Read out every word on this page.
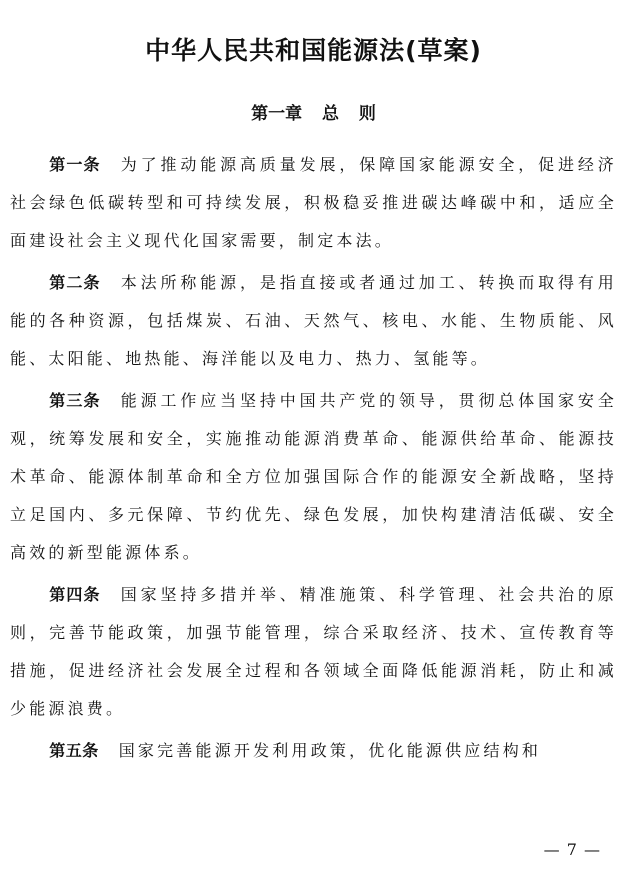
中华人民共和国能源法(草案)
第一章 总 则

第一条 为了推动能源高质量发展，保障国家能源安全，促进经济社会绿色低碳转型和可持续发展，积极稳妥推进碳达峰碳中和，适应全面建设社会主义现代化国家需要，制定本法。

第二条 本法所称能源，是指直接或者通过加工、转换而取得有用能的各种资源，包括煤炭、石油、天然气、核电、水能、生物质能、风能、太阳能、地热能、海洋能以及电力、热力、氢能等。

第三条 能源工作应当坚持中国共产党的领导，贯彻总体国家安全观，统筹发展和安全，实施推动能源消费革命、能源供给革命、能源技术革命、能源体制革命和全方位加强国际合作的能源安全新战略，坚持立足国内、多元保障、节约优先、绿色发展，加快构建清洁低碳、安全高效的新型能源体系。

第四条 国家坚持多措并举、精准施策、科学管理、社会共治的原则，完善节能政策，加强节能管理，综合采取经济、技术、宣传教育等措施，促进经济社会发展全过程和各领域全面降低能源消耗，防止和减少能源浪费。

第五条 国家完善能源开发利用政策，优化能源供应结构和

— 7 —
